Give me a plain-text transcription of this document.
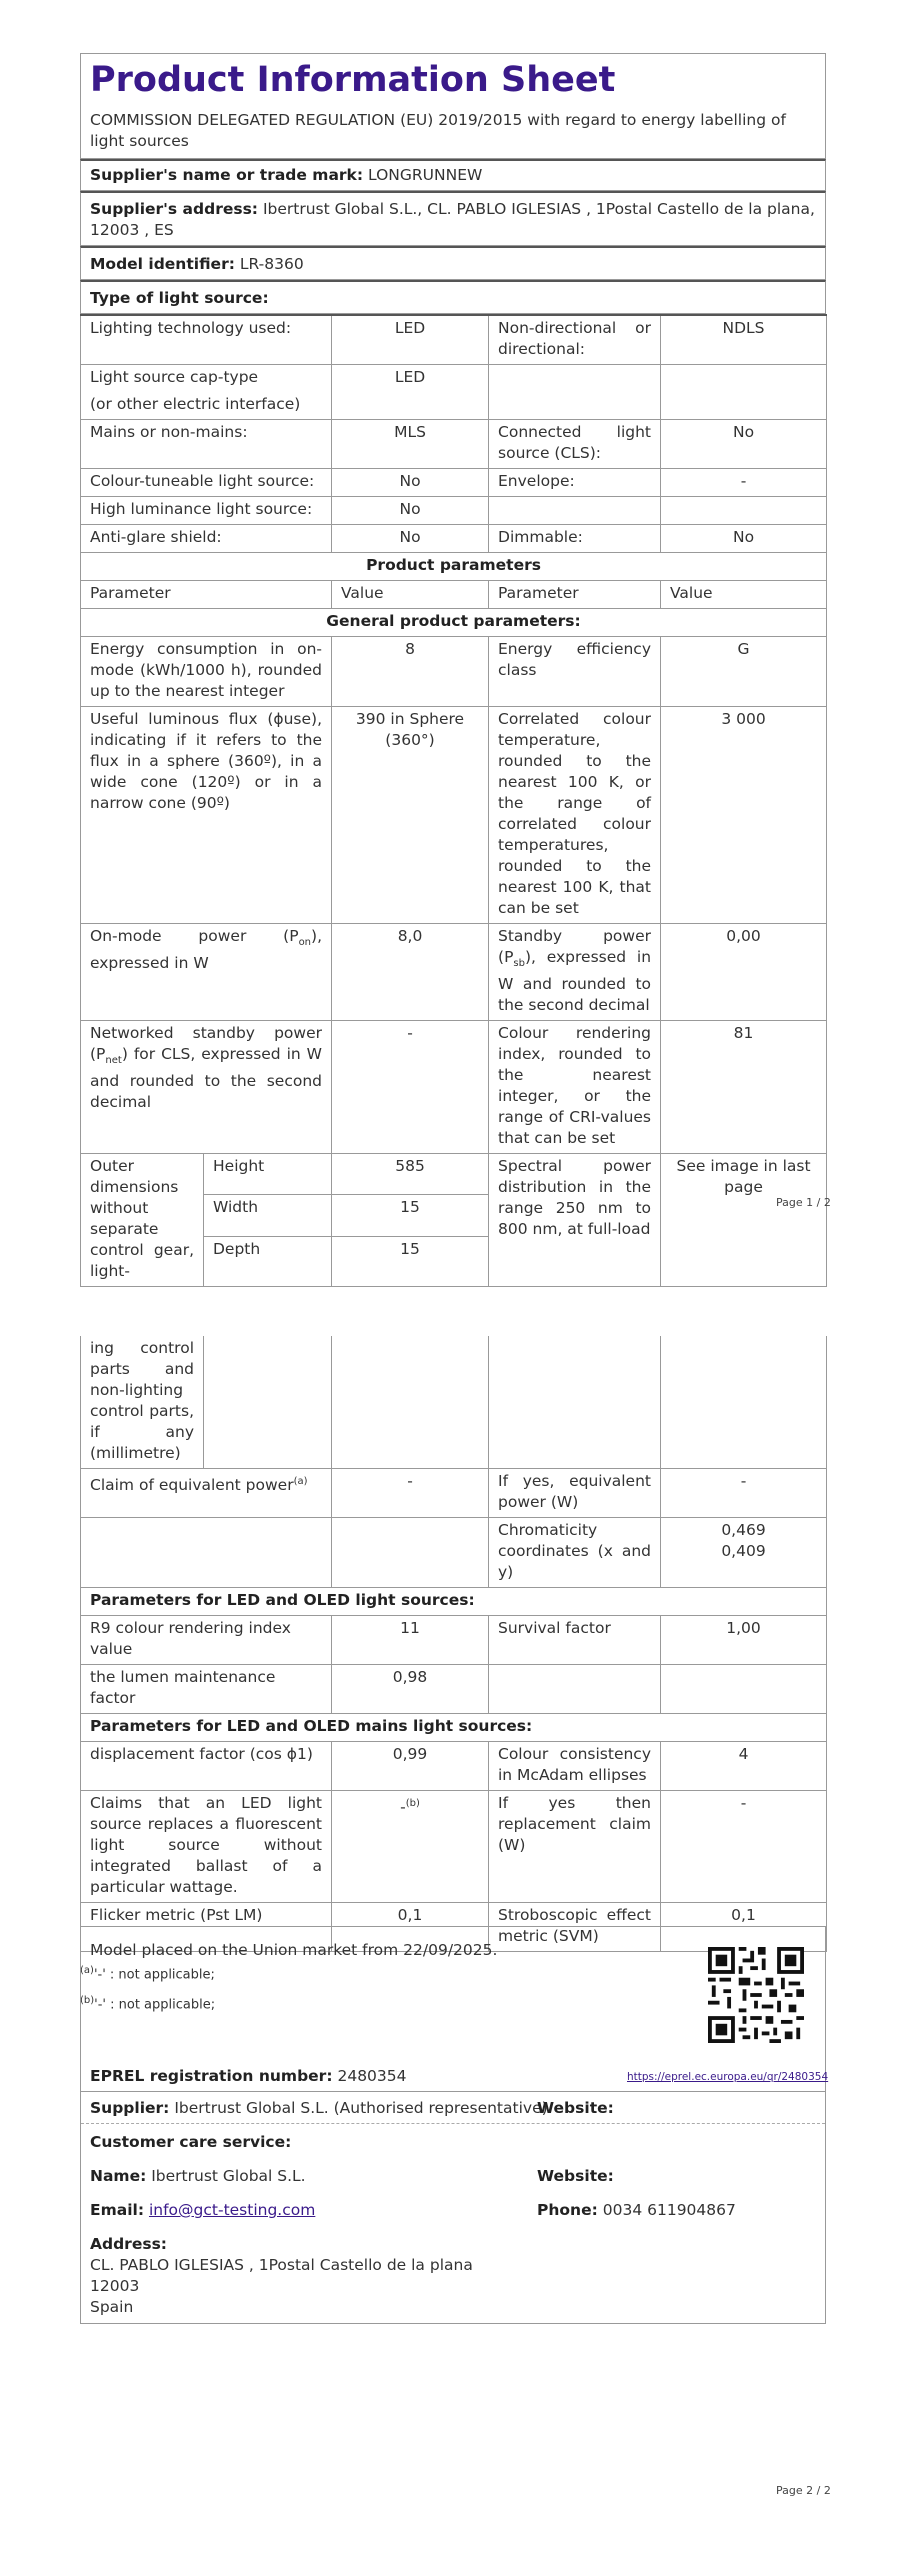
Product Information Sheet
COMMISSION DELEGATED REGULATION (EU) 2019/2015 with regard to energy labelling of light sources
Supplier's name or trade mark: LONGRUNNEW
Supplier's address: Ibertrust Global S.L., CL. PABLO IGLESIAS , 1Postal Castello de la plana, 12003 , ES
Model identifier: LR-8360
Type of light source:
Lighting technology used:		LED	Non-directional or directional:	NDLS

Light source cap-type
(or other electric interface)		LED		
Mains or non-mains:		MLS	Connected light source (CLS):	No
Colour-tuneable light source:		No	Envelope:	-
High luminance light source:		No		
Anti-glare shield:		No	Dimmable:	No
Product parameters				
Parameter		Value	Parameter	Value
General product parameters:				
Energy consumption in on-mode (kWh/1000 h), rounded up to the nearest integer		8	Energy efficiency class	G
Useful luminous flux (ϕuse), indicating if it refers to the flux in a sphere (360º), in a wide cone (120º) or in a narrow cone (90º)		390 in Sphere (360°)	Correlated colour temperature, rounded to the nearest 100 K, or the range of correlated colour temperatures, rounded to the nearest 100 K, that can be set	3 000
On-mode power $(P_{on})$, expressed in W		8,0	Standby power $(P_{sb})$, expressed in W and rounded to the second decimal	0,00
Networked standby power $(P_{net})$ for CLS, expressed in W and rounded to the second decimal		-	Colour rendering index, rounded to the nearest integer, or the range of CRI-values that can be set	81
Outer dimensions without separate control gear, light-	Height	585	Spectral power distribution in the range 250 nm to 800 nm, at full-load	See image in last page
	Width	15		
	Depth	15		
Page 1 / 2
ing control parts and non-lighting control parts, if any (millimetre)				
Claim of equivalent power$^{(a)}$		-	If yes, equivalent power (W)	-
			Chromaticity coordinates (x and y)	0,469
0,409

Parameters for LED and OLED light sources:				
R9 colour rendering index value		11	Survival factor	1,00
the lumen maintenance factor		0,98		
Parameters for LED and OLED mains light sources:				
displacement factor (cos ϕ1)		0,99	Colour consistency in McAdam ellipses	4
Claims that an LED light source replaces a fluorescent light source without integrated ballast of a particular wattage.		-$^{(b)}$	If yes then replacement claim (W)	-
Flicker metric (Pst LM)		0,1	Stroboscopic effect metric (SVM)	0,1
$^{(a)}$'-' : not applicable;
$^{(b)}$'-' : not applicable;
Model placed on the Union market from 22/09/2025.
EPREL registration number: 2480354	https://eprel.ec.europa.eu/qr/2480354
Supplier: Ibertrust Global S.L. (Authorised representative)
Website:
Customer care service:
Name: Ibertrust Global S.L.	Website:
Email: info@gct-testing.com	Phone: 0034 611904867
Address:
CL. PABLO IGLESIAS , 1Postal Castello de la plana
12003
Spain
Page 2 / 2
